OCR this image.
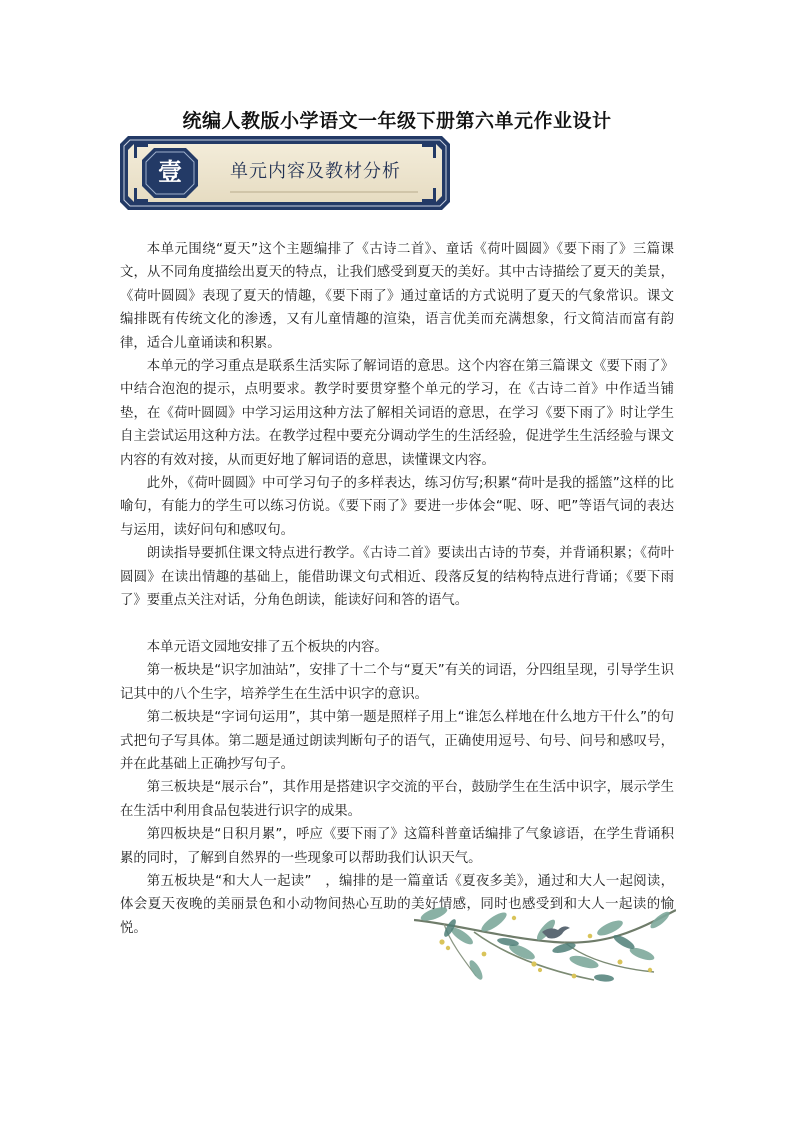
统编人教版小学语文一年级下册第六单元作业设计
壹	单元内容及教材分析

本单元围绕“夏天”这个主题编排了《古诗二首》、童话《荷叶圆圆》《要下雨了》三篇课文，从不同角度描绘出夏天的特点，让我们感受到夏天的美好。其中古诗描绘了夏天的美景，《荷叶圆圆》表现了夏天的情趣，《要下雨了》通过童话的方式说明了夏天的气象常识。课文编排既有传统文化的渗透，又有儿童情趣的渲染，语言优美而充满想象，行文简洁而富有韵律，适合儿童诵读和积累。

本单元的学习重点是联系生活实际了解词语的意思。这个内容在第三篇课文《要下雨了》中结合泡泡的提示，点明要求。教学时要贯穿整个单元的学习，在《古诗二首》中作适当铺垫，在《荷叶圆圆》中学习运用这种方法了解相关词语的意思，在学习《要下雨了》时让学生自主尝试运用这种方法。在教学过程中要充分调动学生的生活经验，促进学生生活经验与课文内容的有效对接，从而更好地了解词语的意思，读懂课文内容。

此外，《荷叶圆圆》中可学习句子的多样表达，练习仿写;积累“荷叶是我的摇篮”这样的比喻句，有能力的学生可以练习仿说。《要下雨了》要进一步体会“呢、呀、吧”等语气词的表达与运用，读好问句和感叹句。

朗读指导要抓住课文特点进行教学。《古诗二首》要读出古诗的节奏，并背诵积累；《荷叶圆圆》在读出情趣的基础上，能借助课文句式相近、段落反复的结构特点进行背诵；《要下雨了》要重点关注对话，分角色朗读，能读好问和答的语气。

本单元语文园地安排了五个板块的内容。

第一板块是“识字加油站”，安排了十二个与“夏天”有关的词语，分四组呈现，引导学生识记其中的八个生字，培养学生在生活中识字的意识。

第二板块是“字词句运用”，其中第一题是照样子用上“谁怎么样地在什么地方干什么”的句式把句子写具体。第二题是通过朗读判断句子的语气，正确使用逗号、句号、问号和感叹号，并在此基础上正确抄写句子。

第三板块是“展示台”，其作用是搭建识字交流的平台，鼓励学生在生活中识字，展示学生在生活中利用食品包装进行识字的成果。

第四板块是“日积月累”，呼应《要下雨了》这篇科普童话编排了气象谚语，在学生背诵积累的同时，了解到自然界的一些现象可以帮助我们认识天气。

第五板块是“和大人一起读”　，编排的是一篇童话《夏夜多美》，通过和大人一起阅读，体会夏天夜晚的美丽景色和小动物间热心互助的美好情感，同时也感受到和大人一起读的愉悦。
